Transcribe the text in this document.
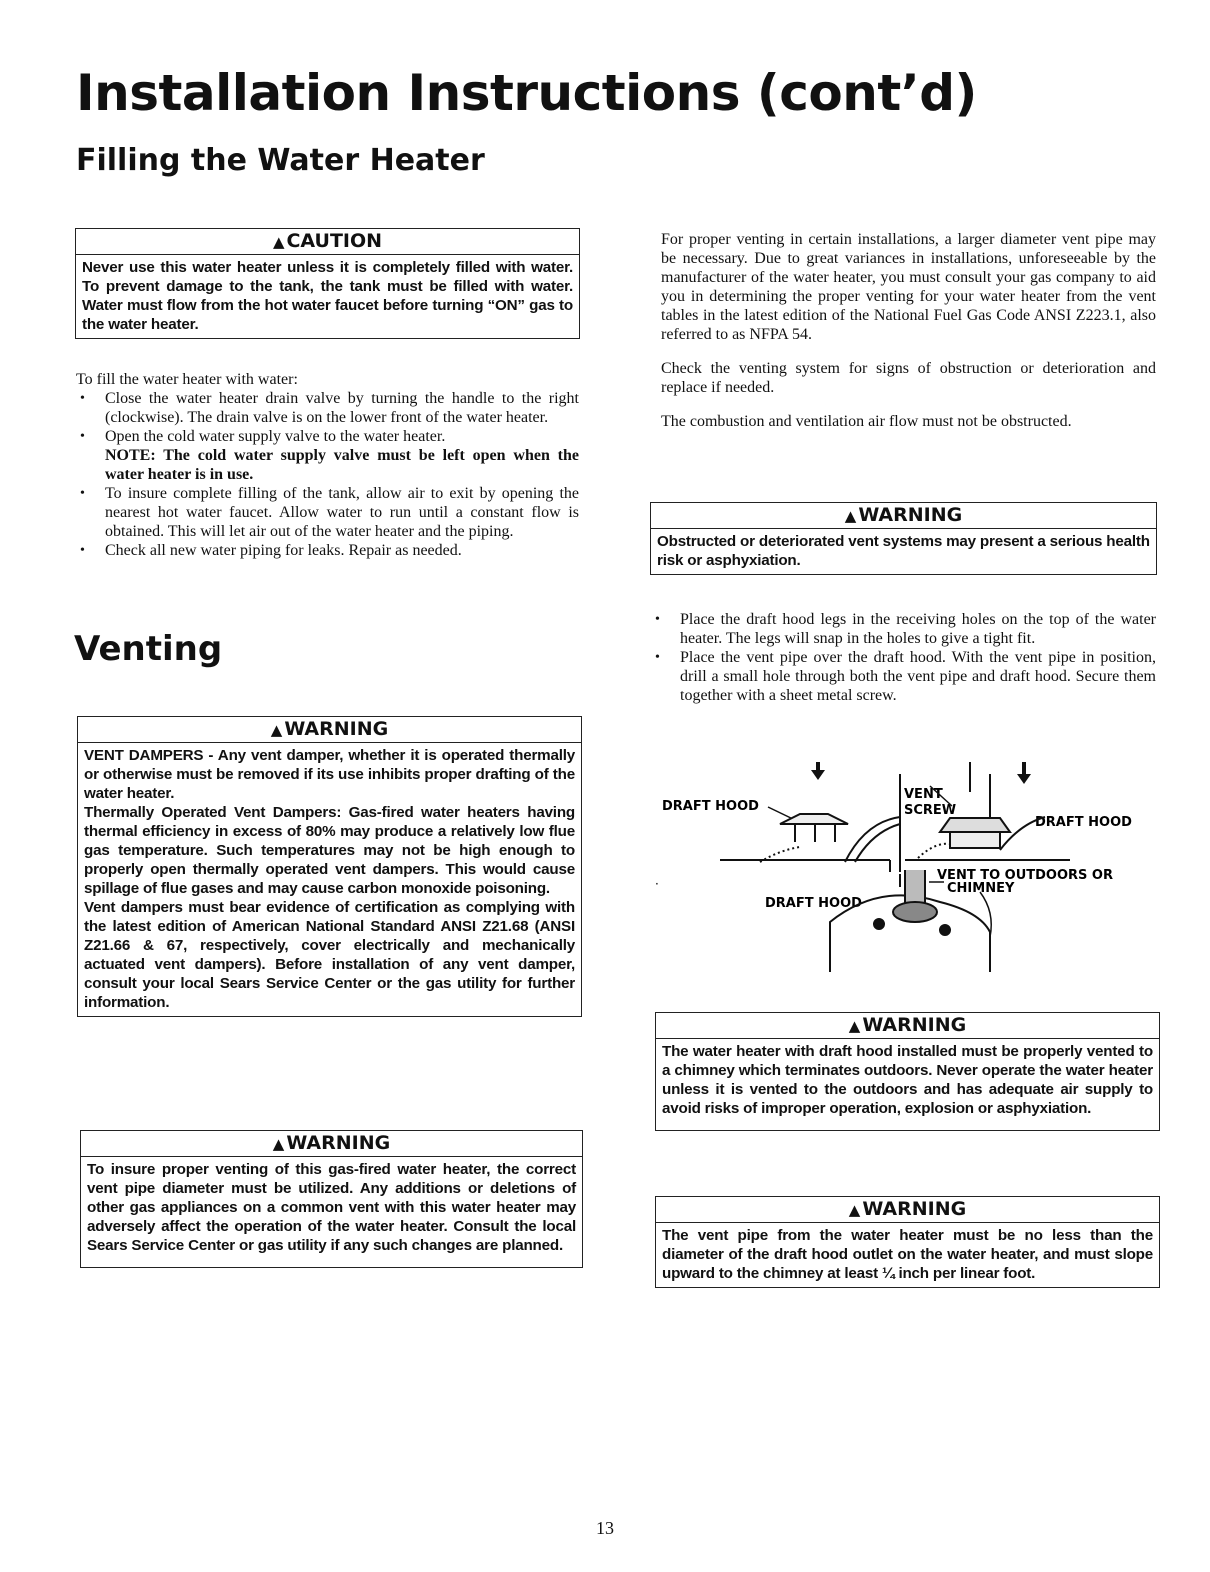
Installation Instructions (cont’d)
Filling the Water Heater
▲ CAUTION
Never use this water heater unless it is completely filled with water. To prevent damage to the tank, the tank must be filled with water. Water must flow from the hot water faucet before turning “ON” gas to the water heater.
To fill the water heater with water:
• Close the water heater drain valve by turning the handle to the right (clockwise). The drain valve is on the lower front of the water heater.
• Open the cold water supply valve to the water heater.
NOTE: The cold water supply valve must be left open when the water heater is in use.
• To insure complete filling of the tank, allow air to exit by opening the nearest hot water faucet. Allow water to run until a constant flow is obtained. This will let air out of the water heater and the piping.
• Check all new water piping for leaks. Repair as needed.
Venting
▲ WARNING
VENT DAMPERS - Any vent damper, whether it is operated thermally or otherwise must be removed if its use inhibits proper drafting of the water heater.
Thermally Operated Vent Dampers: Gas-fired water heaters having thermal efficiency in excess of 80% may produce a relatively low flue gas temperature. Such temperatures may not be high enough to properly open thermally operated vent dampers. This would cause spillage of flue gases and may cause carbon monoxide poisoning.
Vent dampers must bear evidence of certification as complying with the latest edition of American National Standard ANSI Z21.68 (ANSI Z21.66 & 67, respectively, cover electrically and mechanically actuated vent dampers). Before installation of any vent damper, consult your local Sears Service Center or the gas utility for further information.
▲ WARNING
To insure proper venting of this gas-fired water heater, the correct vent pipe diameter must be utilized. Any additions or deletions of other gas appliances on a common vent with this water heater may adversely affect the operation of the water heater. Consult the local Sears Service Center or gas utility if any such changes are planned.
For proper venting in certain installations, a larger diameter vent pipe may be necessary. Due to great variances in installations, unforeseeable by the manufacturer of the water heater, you must consult your gas company to aid you in determining the proper venting for your water heater from the vent tables in the latest edition of the National Fuel Gas Code ANSI Z223.1, also referred to as NFPA 54.
Check the venting system for signs of obstruction or deterioration and replace if needed.
The combustion and ventilation air flow must not be obstructed.
▲ WARNING
Obstructed or deteriorated vent systems may present a serious health risk or asphyxiation.
• Place the draft hood legs in the receiving holes on the top of the water heater. The legs will snap in the holes to give a tight fit.
• Place the vent pipe over the draft hood. With the vent pipe in position, drill a small hole through both the vent pipe and draft hood. Secure them together with a sheet metal screw.
DRAFT HOOD
VENT
SCREW
DRAFT HOOD
VENT TO OUTDOORS OR
CHIMNEY
DRAFT HOOD
·
▲ WARNING
The water heater with draft hood installed must be properly vented to a chimney which terminates outdoors. Never operate the water heater unless it is vented to the outdoors and has adequate air supply to avoid risks of improper operation, explosion or asphyxiation.
▲ WARNING
The vent pipe from the water heater must be no less than the diameter of the draft hood outlet on the water heater, and must slope upward to the chimney at least ¼ inch per linear foot.
13
